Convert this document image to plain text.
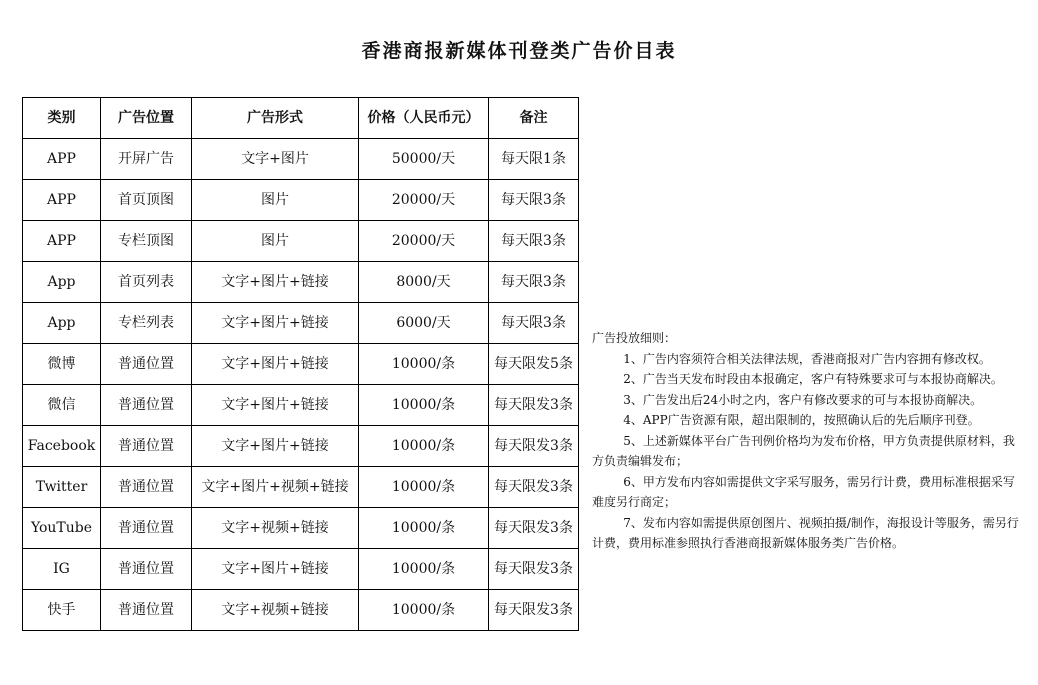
香港商报新媒体刊登类广告价目表
类别	广告位置	广告形式	价格（人民币元）	备注
APP	开屏广告	文字+图片	50000/天	每天限1条
APP	首页顶图	图片	20000/天	每天限3条
APP	专栏顶图	图片	20000/天	每天限3条
App	首页列表	文字+图片+链接	8000/天	每天限3条
App	专栏列表	文字+图片+链接	6000/天	每天限3条
微博	普通位置	文字+图片+链接	10000/条	每天限发5条
微信	普通位置	文字+图片+链接	10000/条	每天限发3条
Facebook	普通位置	文字+图片+链接	10000/条	每天限发3条
Twitter	普通位置	文字+图片+视频+链接	10000/条	每天限发3条
YouTube	普通位置	文字+视频+链接	10000/条	每天限发3条
IG	普通位置	文字+图片+链接	10000/条	每天限发3条
快手	普通位置	文字+视频+链接	10000/条	每天限发3条

广告投放细则：

1、广告内容须符合相关法律法规，香港商报对广告内容拥有修改权。

2、广告当天发布时段由本报确定，客户有特殊要求可与本报协商解决。

3、广告发出后24小时之内，客户有修改要求的可与本报协商解决。

4、APP广告资源有限，超出限制的，按照确认后的先后顺序刊登。

5、上述新媒体平台广告刊例价格均为发布价格，甲方负责提供原材料，我方负责编辑发布；

6、甲方发布内容如需提供文字采写服务，需另行计费，费用标准根据采写难度另行商定；

7、发布内容如需提供原创图片、视频拍摄/制作，海报设计等服务，需另行计费，费用标准参照执行香港商报新媒体服务类广告价格。
